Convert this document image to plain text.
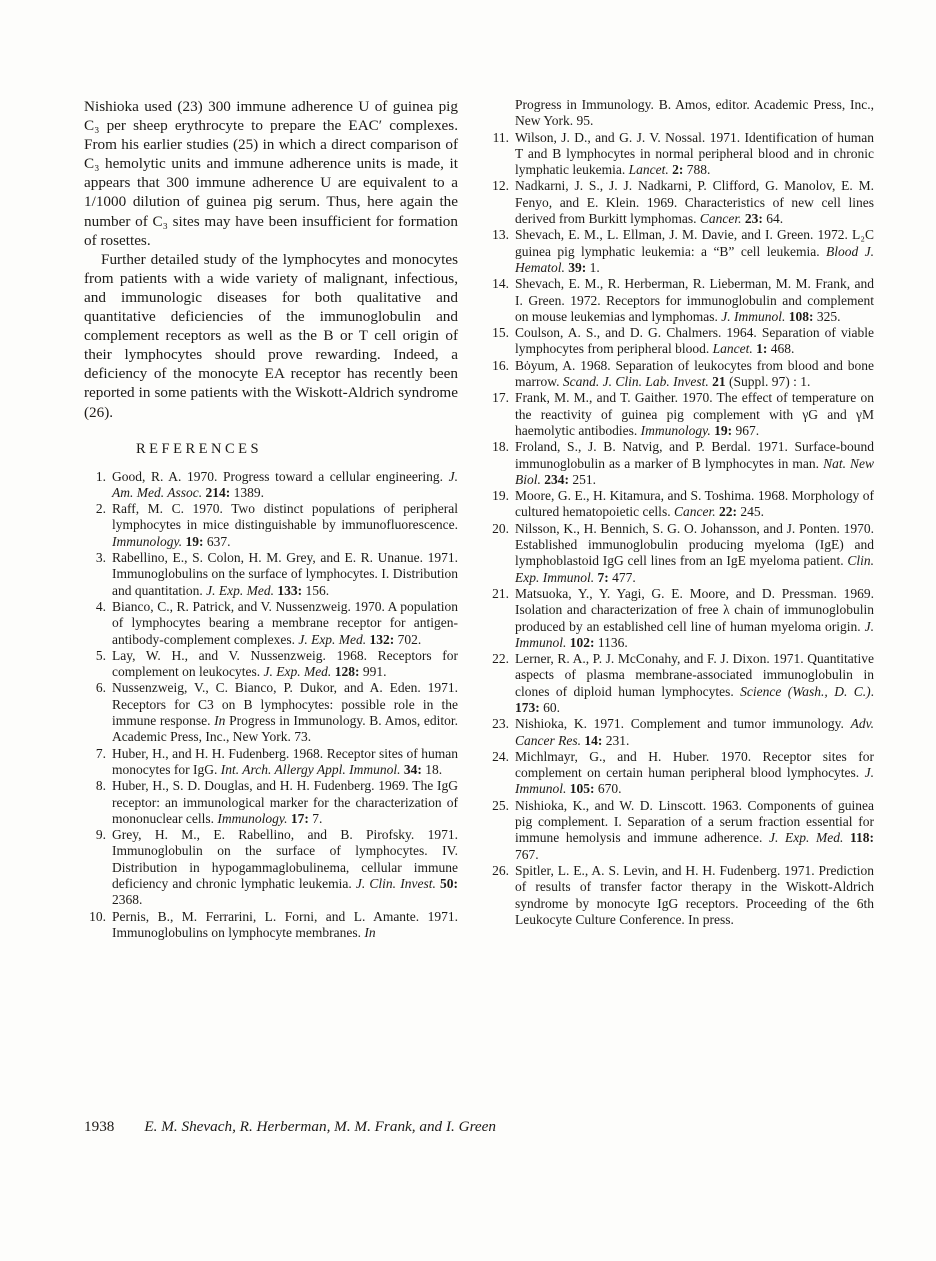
Nishioka used (23) 300 immune adherence U of guinea pig C₃ per sheep erythrocyte to prepare the EAC′ complexes. From his earlier studies (25) in which a direct comparison of C₃ hemolytic units and immune adherence units is made, it appears that 300 immune adherence U are equivalent to a 1/1000 dilution of guinea pig serum. Thus, here again the number of C₃ sites may have been insufficient for formation of rosettes.

Further detailed study of the lymphocytes and monocytes from patients with a wide variety of malignant, infectious, and immunologic diseases for both qualitative and quantitative deficiencies of the immunoglobulin and complement receptors as well as the B or T cell origin of their lymphocytes should prove rewarding. Indeed, a deficiency of the monocyte EA receptor has recently been reported in some patients with the Wiskott-Aldrich syndrome (26).

REFERENCES
1. Good, R. A. 1970. Progress toward a cellular engineering. J. Am. Med. Assoc. 214: 1389.
2. Raff, M. C. 1970. Two distinct populations of peripheral lymphocytes in mice distinguishable by immunofluorescence. Immunology. 19: 637.
3. Rabellino, E., S. Colon, H. M. Grey, and E. R. Unanue. 1971. Immunoglobulins on the surface of lymphocytes. I. Distribution and quantitation. J. Exp. Med. 133: 156.
4. Bianco, C., R. Patrick, and V. Nussenzweig. 1970. A population of lymphocytes bearing a membrane receptor for antigen-antibody-complement complexes. J. Exp. Med. 132: 702.
5. Lay, W. H., and V. Nussenzweig. 1968. Receptors for complement on leukocytes. J. Exp. Med. 128: 991.
6. Nussenzweig, V., C. Bianco, P. Dukor, and A. Eden. 1971. Receptors for C3 on B lymphocytes: possible role in the immune response. In Progress in Immunology. B. Amos, editor. Academic Press, Inc., New York. 73.
7. Huber, H., and H. H. Fudenberg. 1968. Receptor sites of human monocytes for IgG. Int. Arch. Allergy Appl. Immunol. 34: 18.
8. Huber, H., S. D. Douglas, and H. H. Fudenberg. 1969. The IgG receptor: an immunological marker for the characterization of mononuclear cells. Immunology. 17: 7.
9. Grey, H. M., E. Rabellino, and B. Pirofsky. 1971. Immunoglobulin on the surface of lymphocytes. IV. Distribution in hypogammaglobulinema, cellular immune deficiency and chronic lymphatic leukemia. J. Clin. Invest. 50: 2368.
10. Pernis, B., M. Ferrarini, L. Forni, and L. Amante. 1971. Immunoglobulins on lymphocyte membranes. In
Progress in Immunology. B. Amos, editor. Academic Press, Inc., New York. 95.
11. Wilson, J. D., and G. J. V. Nossal. 1971. Identification of human T and B lymphocytes in normal peripheral blood and in chronic lymphatic leukemia. Lancet. 2: 788.
12. Nadkarni, J. S., J. J. Nadkarni, P. Clifford, G. Manolov, E. M. Fenyo, and E. Klein. 1969. Characteristics of new cell lines derived from Burkitt lymphomas. Cancer. 23: 64.
13. Shevach, E. M., L. Ellman, J. M. Davie, and I. Green. 1972. L₂C guinea pig lymphatic leukemia: a “B” cell leukemia. Blood J. Hematol. 39: 1.
14. Shevach, E. M., R. Herberman, R. Lieberman, M. M. Frank, and I. Green. 1972. Receptors for immunoglobulin and complement on mouse leukemias and lymphomas. J. Immunol. 108: 325.
15. Coulson, A. S., and D. G. Chalmers. 1964. Separation of viable lymphocytes from peripheral blood. Lancet. 1: 468.
16. Bȯyum, A. 1968. Separation of leukocytes from blood and bone marrow. Scand. J. Clin. Lab. Invest. 21 (Suppl. 97) : 1.
17. Frank, M. M., and T. Gaither. 1970. The effect of temperature on the reactivity of guinea pig complement with γG and γM haemolytic antibodies. Immunology. 19: 967.
18. Froland, S., J. B. Natvig, and P. Berdal. 1971. Surface-bound immunoglobulin as a marker of B lymphocytes in man. Nat. New Biol. 234: 251.
19. Moore, G. E., H. Kitamura, and S. Toshima. 1968. Morphology of cultured hematopoietic cells. Cancer. 22: 245.
20. Nilsson, K., H. Bennich, S. G. O. Johansson, and J. Ponten. 1970. Established immunoglobulin producing myeloma (IgE) and lymphoblastoid IgG cell lines from an IgE myeloma patient. Clin. Exp. Immunol. 7: 477.
21. Matsuoka, Y., Y. Yagi, G. E. Moore, and D. Pressman. 1969. Isolation and characterization of free λ chain of immunoglobulin produced by an established cell line of human myeloma origin. J. Immunol. 102: 1136.
22. Lerner, R. A., P. J. McConahy, and F. J. Dixon. 1971. Quantitative aspects of plasma membrane-associated immunoglobulin in clones of diploid human lymphocytes. Science (Wash., D. C.). 173: 60.
23. Nishioka, K. 1971. Complement and tumor immunology. Adv. Cancer Res. 14: 231.
24. Michlmayr, G., and H. Huber. 1970. Receptor sites for complement on certain human peripheral blood lymphocytes. J. Immunol. 105: 670.
25. Nishioka, K., and W. D. Linscott. 1963. Components of guinea pig complement. I. Separation of a serum fraction essential for immune hemolysis and immune adherence. J. Exp. Med. 118: 767.
26. Spitler, L. E., A. S. Levin, and H. H. Fudenberg. 1971. Prediction of results of transfer factor therapy in the Wiskott-Aldrich syndrome by monocyte IgG receptors. Proceeding of the 6th Leukocyte Culture Conference. In press.
1938 E. M. Shevach, R. Herberman, M. M. Frank, and I. Green
